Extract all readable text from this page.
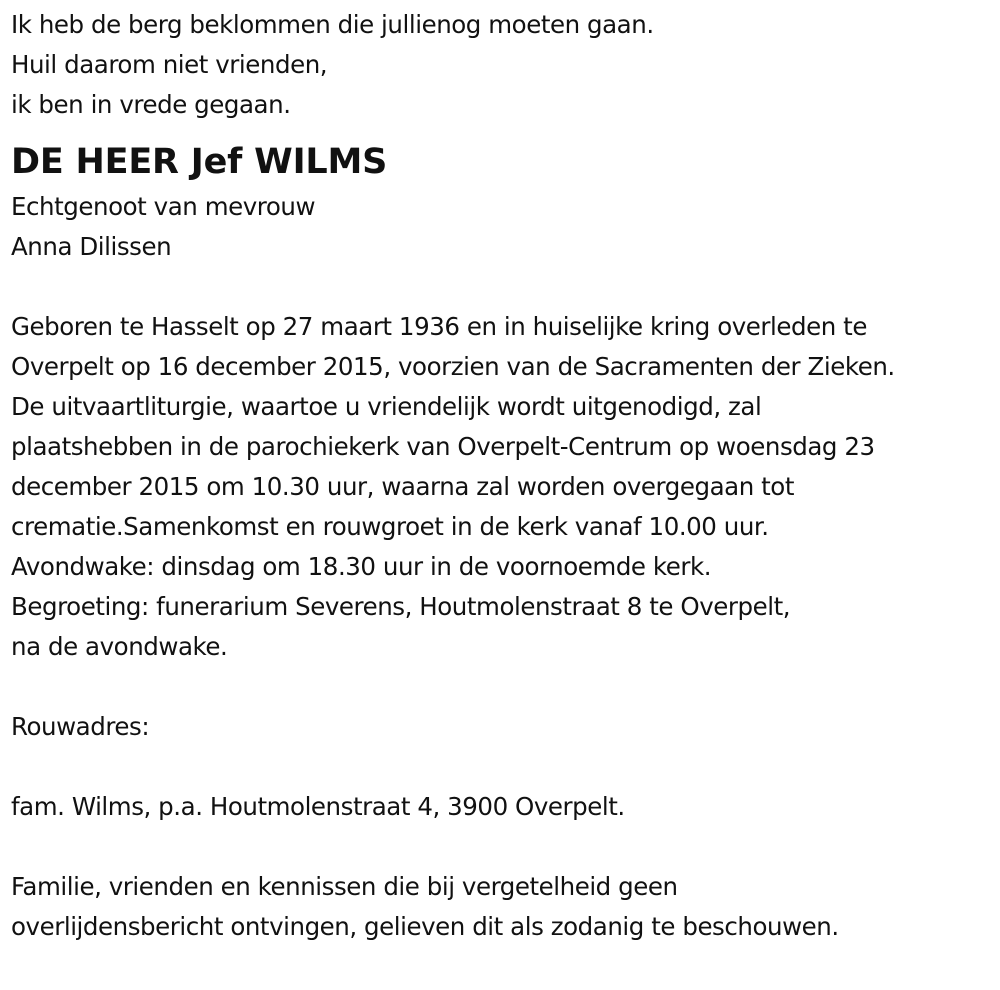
Ik heb de berg beklommen die jullienog moeten gaan.
Huil daarom niet vrienden,
ik ben in vrede gegaan.
DE HEER Jef WILMS
Echtgenoot van mevrouw
Anna Dilissen
Geboren te Hasselt op 27 maart 1936 en in huiselijke kring overleden te
Overpelt op 16 december 2015, voorzien van de Sacramenten der Zieken.
De uitvaartliturgie, waartoe u vriendelijk wordt uitgenodigd, zal
plaatshebben in de parochiekerk van Overpelt-Centrum op woensdag 23
december 2015 om 10.30 uur, waarna zal worden overgegaan tot
crematie.Samenkomst en rouwgroet in de kerk vanaf 10.00 uur.
Avondwake: dinsdag om 18.30 uur in de voornoemde kerk.
Begroeting: funerarium Severens, Houtmolenstraat 8 te Overpelt,
na de avondwake.
Rouwadres:
fam. Wilms, p.a. Houtmolenstraat 4, 3900 Overpelt.
Familie, vrienden en kennissen die bij vergetelheid geen
overlijdensbericht ontvingen, gelieven dit als zodanig te beschouwen.
